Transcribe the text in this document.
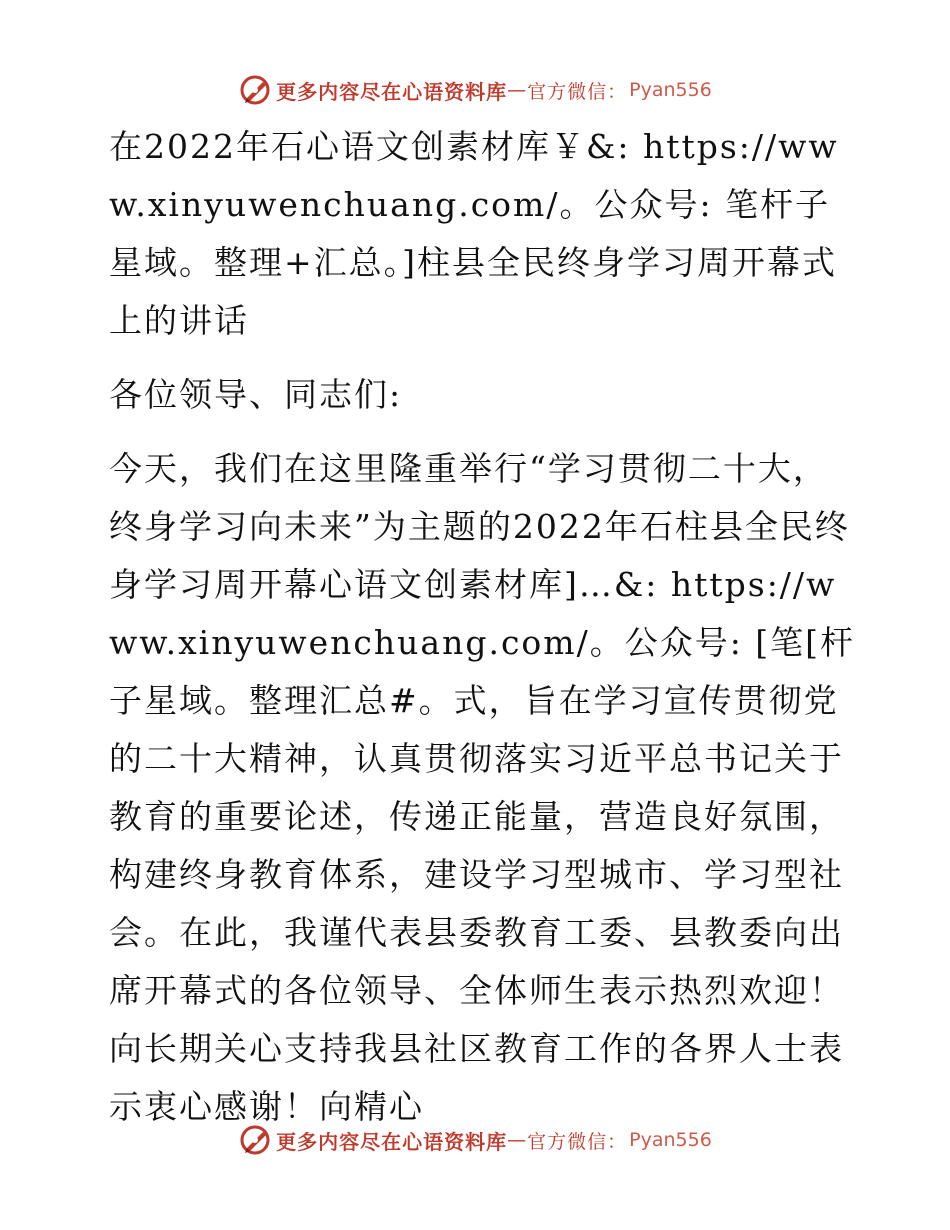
更多内容尽在心语资料库 — 官方微信： Pyan556

在2022年石心语文创素材库￥&: https://www.xinyuwenchuang.com/。公众号: 笔杆子星域。整理+汇总。]柱县全民终身学习周开幕式上的讲话

各位领导、同志们:

今天，我们在这里隆重举行“学习贯彻二十大，终身学习向未来”为主题的2022年石柱县全民终身学习周开幕心语文创素材库]…&: https://www.xinyuwenchuang.com/。公众号: [笔[杆子星域。整理汇总#。式，旨在学习宣传贯彻党的二十大精神，认真贯彻落实习近平总书记关于教育的重要论述，传递正能量，营造良好氛围，构建终身教育体系，建设学习型城市、学习型社会。在此，我谨代表县委教育工委、县教委向出席开幕式的各位领导、全体师生表示热烈欢迎！向长期关心支持我县社区教育工作的各界人士表示衷心感谢！向精心

更多内容尽在心语资料库 — 官方微信： Pyan556
